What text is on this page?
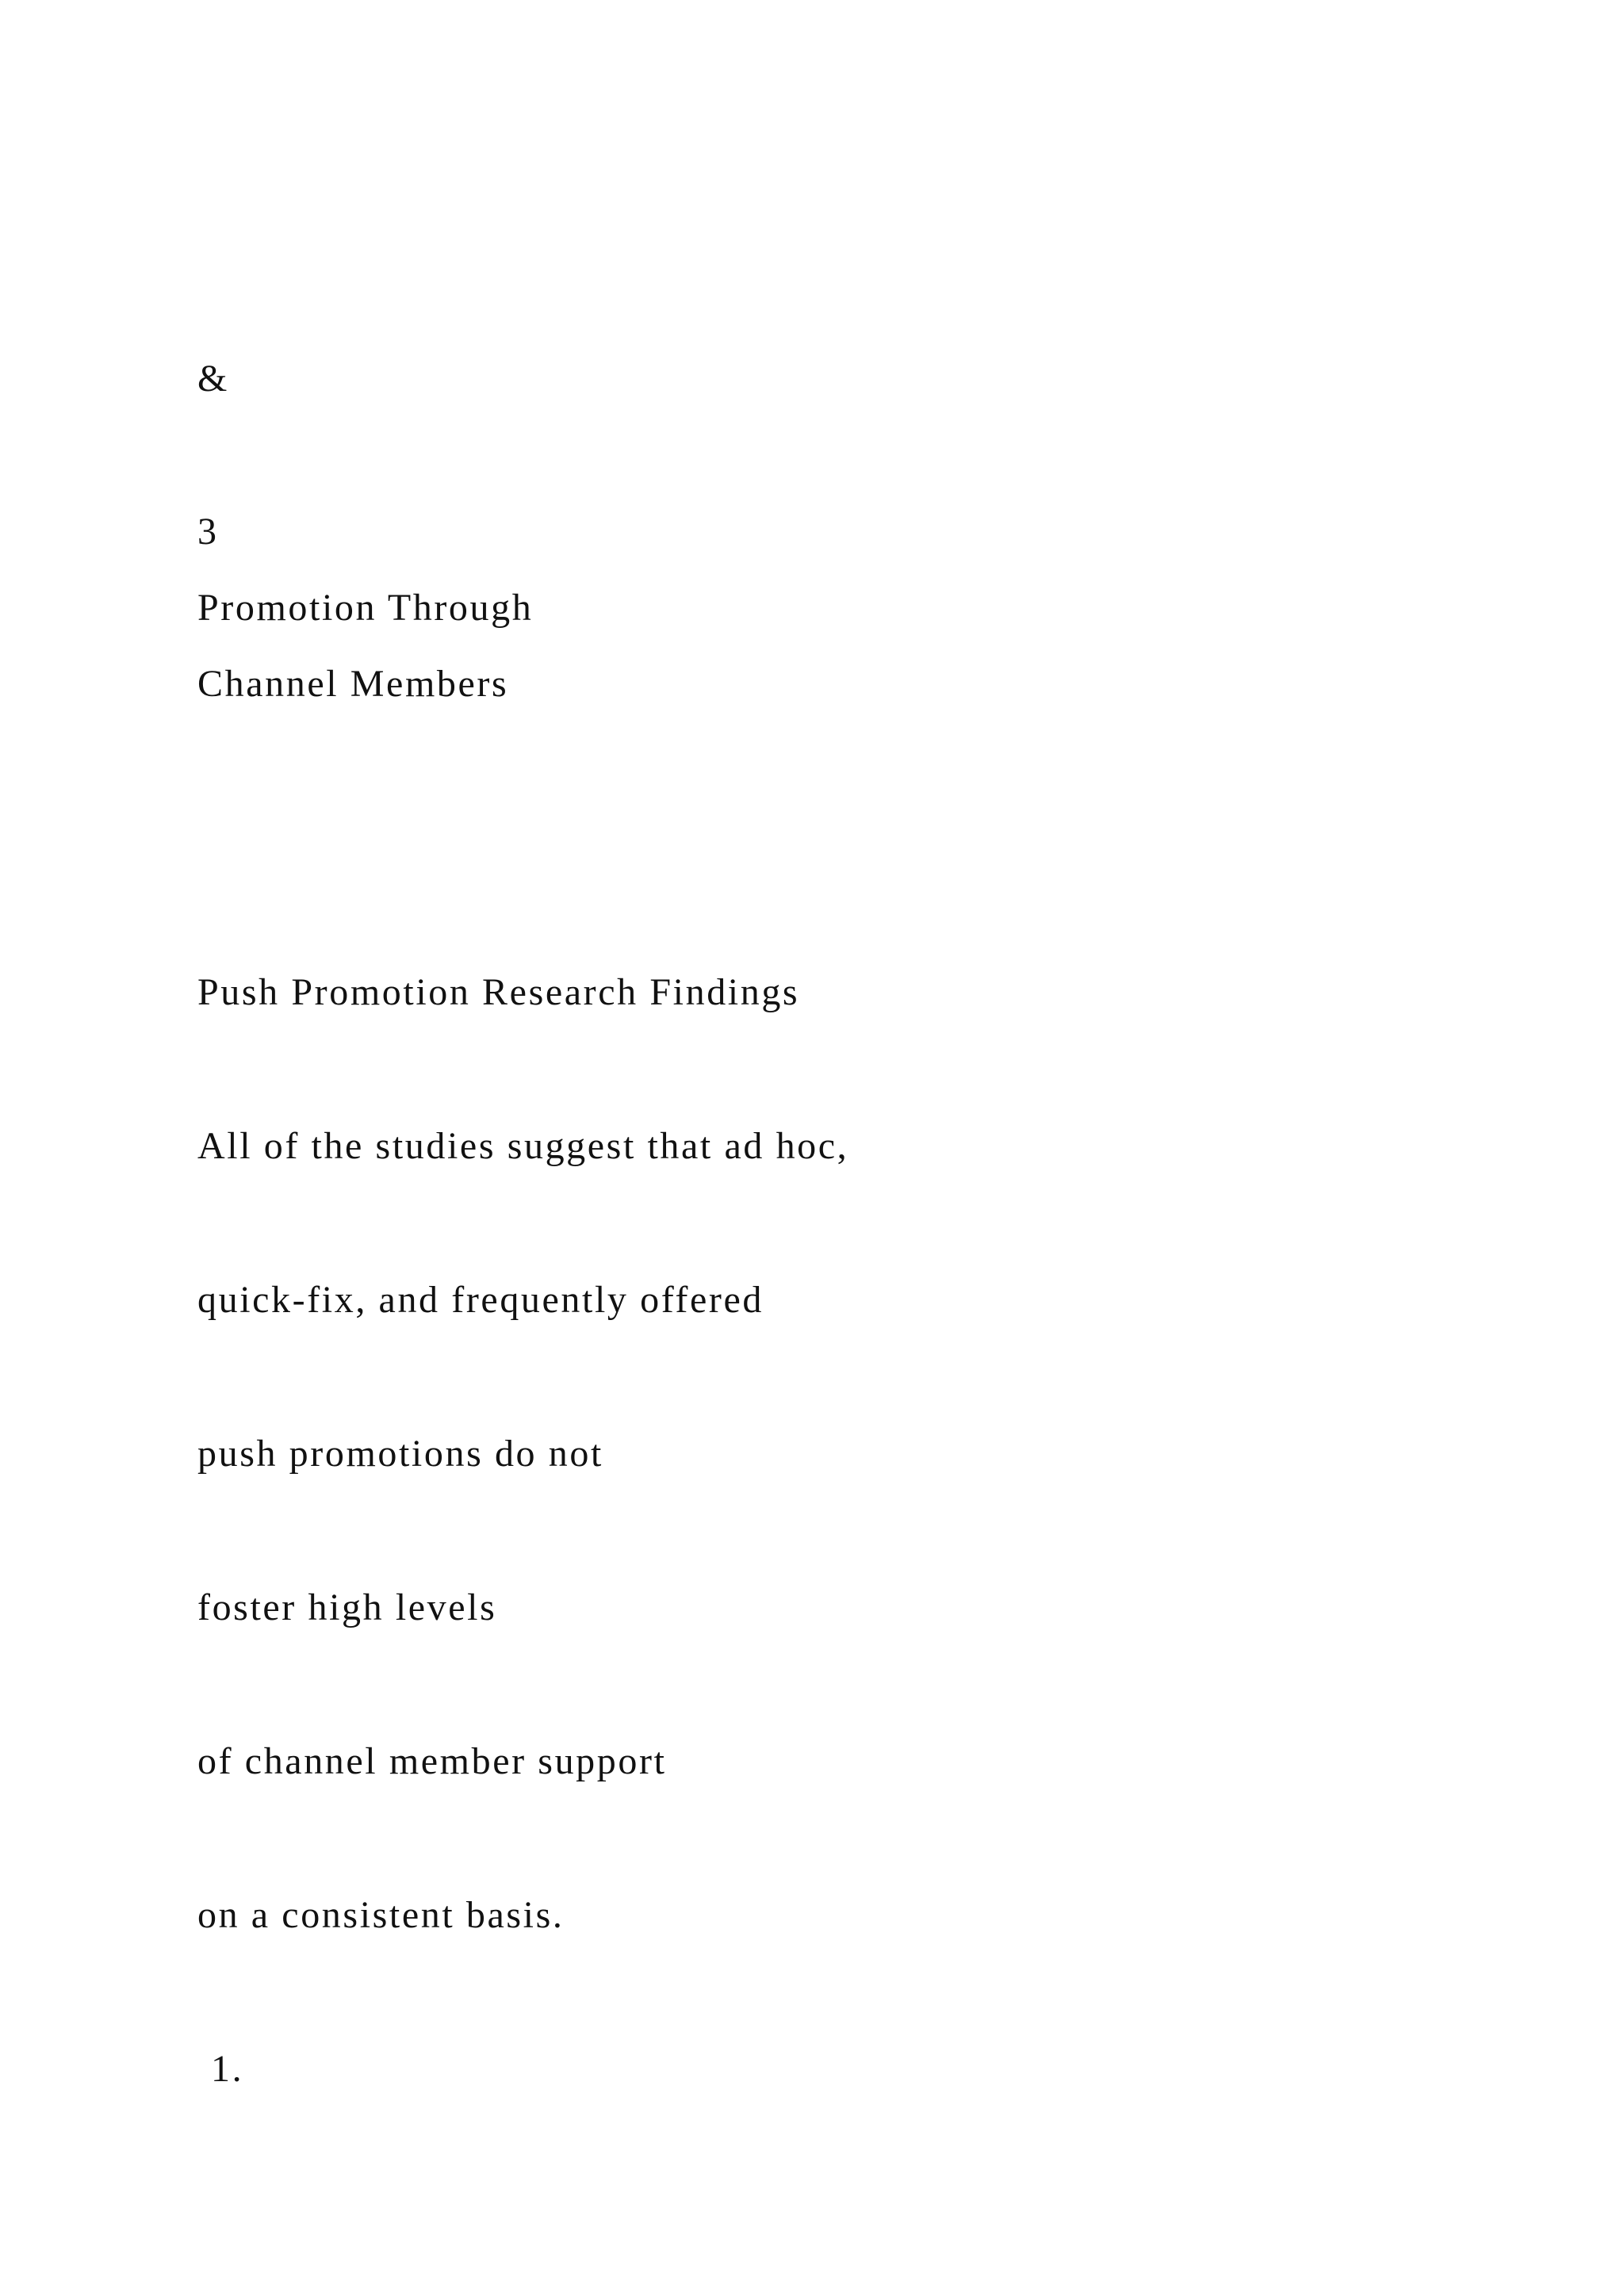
&
3
Promotion Through
Channel Members
Push Promotion Research Findings
All of the studies suggest that ad hoc,
quick-fix, and frequently offered
push promotions do not
foster high levels
of channel member support
on a consistent basis.
1.
